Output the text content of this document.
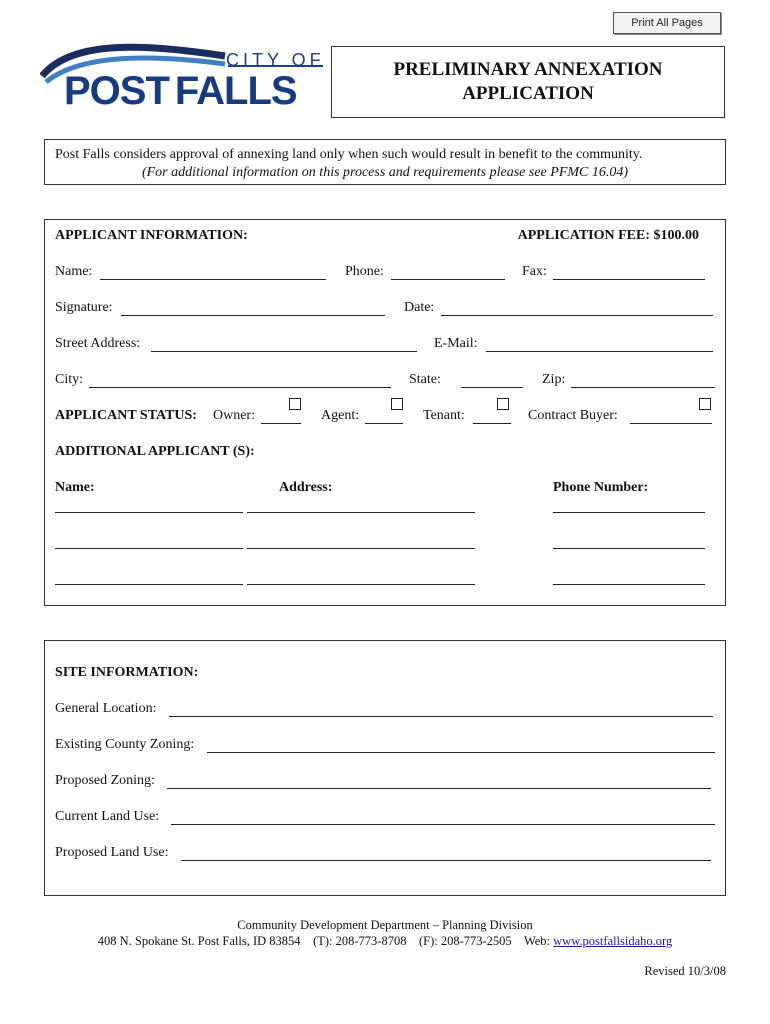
Print All Pages
CITY OF
POST FALLS	PRELIMINARY ANNEXATION
APPLICATION
Post Falls considers approval of annexing land only when such would result in benefit to the community.
(For additional information on this process and requirements please see PFMC 16.04)
APPLICANT INFORMATION:	APPLICATION FEE: $100.00
Name:	Phone:	Fax:
Signature:	Date:
Street Address:	E-Mail:
City:	State:	Zip:
APPLICANT STATUS: Owner:	Agent:	Tenant:	Contract Buyer:
ADDITIONAL APPLICANT (S):
Name:	Address:	Phone Number:
SITE INFORMATION:
General Location:
Existing County Zoning:
Proposed Zoning:
Current Land Use:
Proposed Land Use:
Community Development Department – Planning Division
408 N. Spokane St. Post Falls, ID 83854 (T): 208-773-8708 (F): 208-773-2505 Web: www.postfallsidaho.org
Revised 10/3/08
